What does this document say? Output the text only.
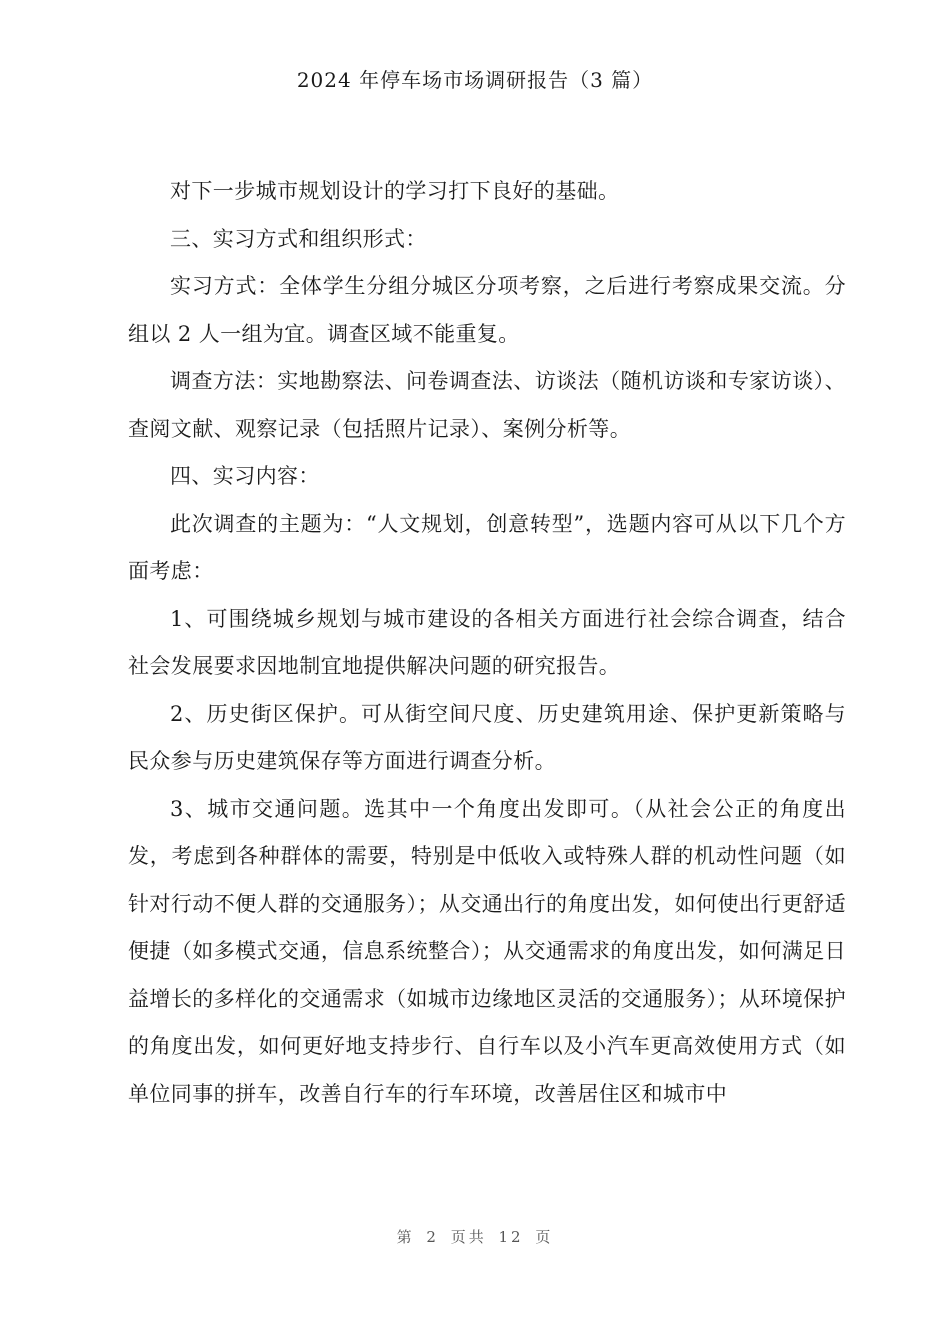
2024 年停车场市场调研报告（3 篇）

对下一步城市规划设计的学习打下良好的基础。

三、实习方式和组织形式：

实习方式：全体学生分组分城区分项考察，之后进行考察成果交流。分组以 2 人一组为宜。调查区域不能重复。

调查方法：实地勘察法、问卷调查法、访谈法（随机访谈和专家访谈）、查阅文献、观察记录（包括照片记录）、案例分析等。

四、实习内容：

此次调查的主题为：“人文规划，创意转型”，选题内容可从以下几个方面考虑：

1、可围绕城乡规划与城市建设的各相关方面进行社会综合调查，结合社会发展要求因地制宜地提供解决问题的研究报告。

2、历史街区保护。可从街空间尺度、历史建筑用途、保护更新策略与民众参与历史建筑保存等方面进行调查分析。

3、城市交通问题。选其中一个角度出发即可。（从社会公正的角度出发，考虑到各种群体的需要，特别是中低收入或特殊人群的机动性问题（如针对行动不便人群的交通服务）；从交通出行的角度出发，如何使出行更舒适便捷（如多模式交通，信息系统整合）；从交通需求的角度出发，如何满足日益增长的多样化的交通需求（如城市边缘地区灵活的交通服务）；从环境保护的角度出发，如何更好地支持步行、自行车以及小汽车更高效使用方式（如单位同事的拼车，改善自行车的行车环境，改善居住区和城市中

第 2 页共 12 页
